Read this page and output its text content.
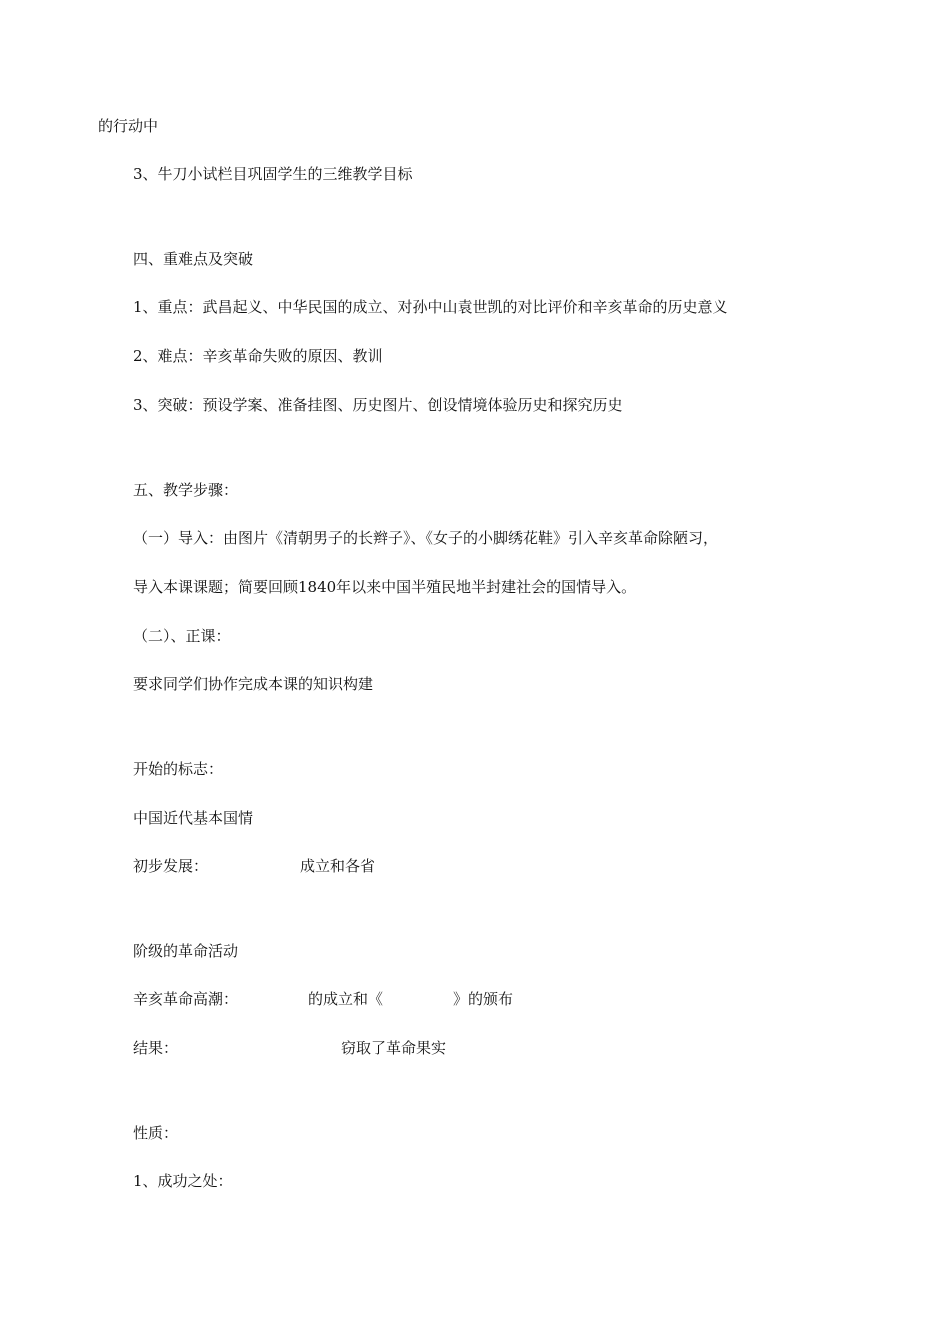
的行动中

3、牛刀小试栏目巩固学生的三维教学目标

四、重难点及突破

1、重点：武昌起义、中华民国的成立、对孙中山袁世凯的对比评价和辛亥革命的历史意义

2、难点：辛亥革命失败的原因、教训

3、突破：预设学案、准备挂图、历史图片、创设情境体验历史和探究历史

五、教学步骤：

（一）导入：由图片《清朝男子的长辫子》、《女子的小脚绣花鞋》引入辛亥革命除陋习，

导入本课课题；简要回顾1840年以来中国半殖民地半封建社会的国情导入。

（二）、正课：

要求同学们协作完成本课的知识构建

开始的标志：

中国近代基本国情

初步发展：	成立和各省

阶级的革命活动

辛亥革命高潮：	的成立和《	》的颁布

结果：	窃取了革命果实

性质：

1、成功之处：
